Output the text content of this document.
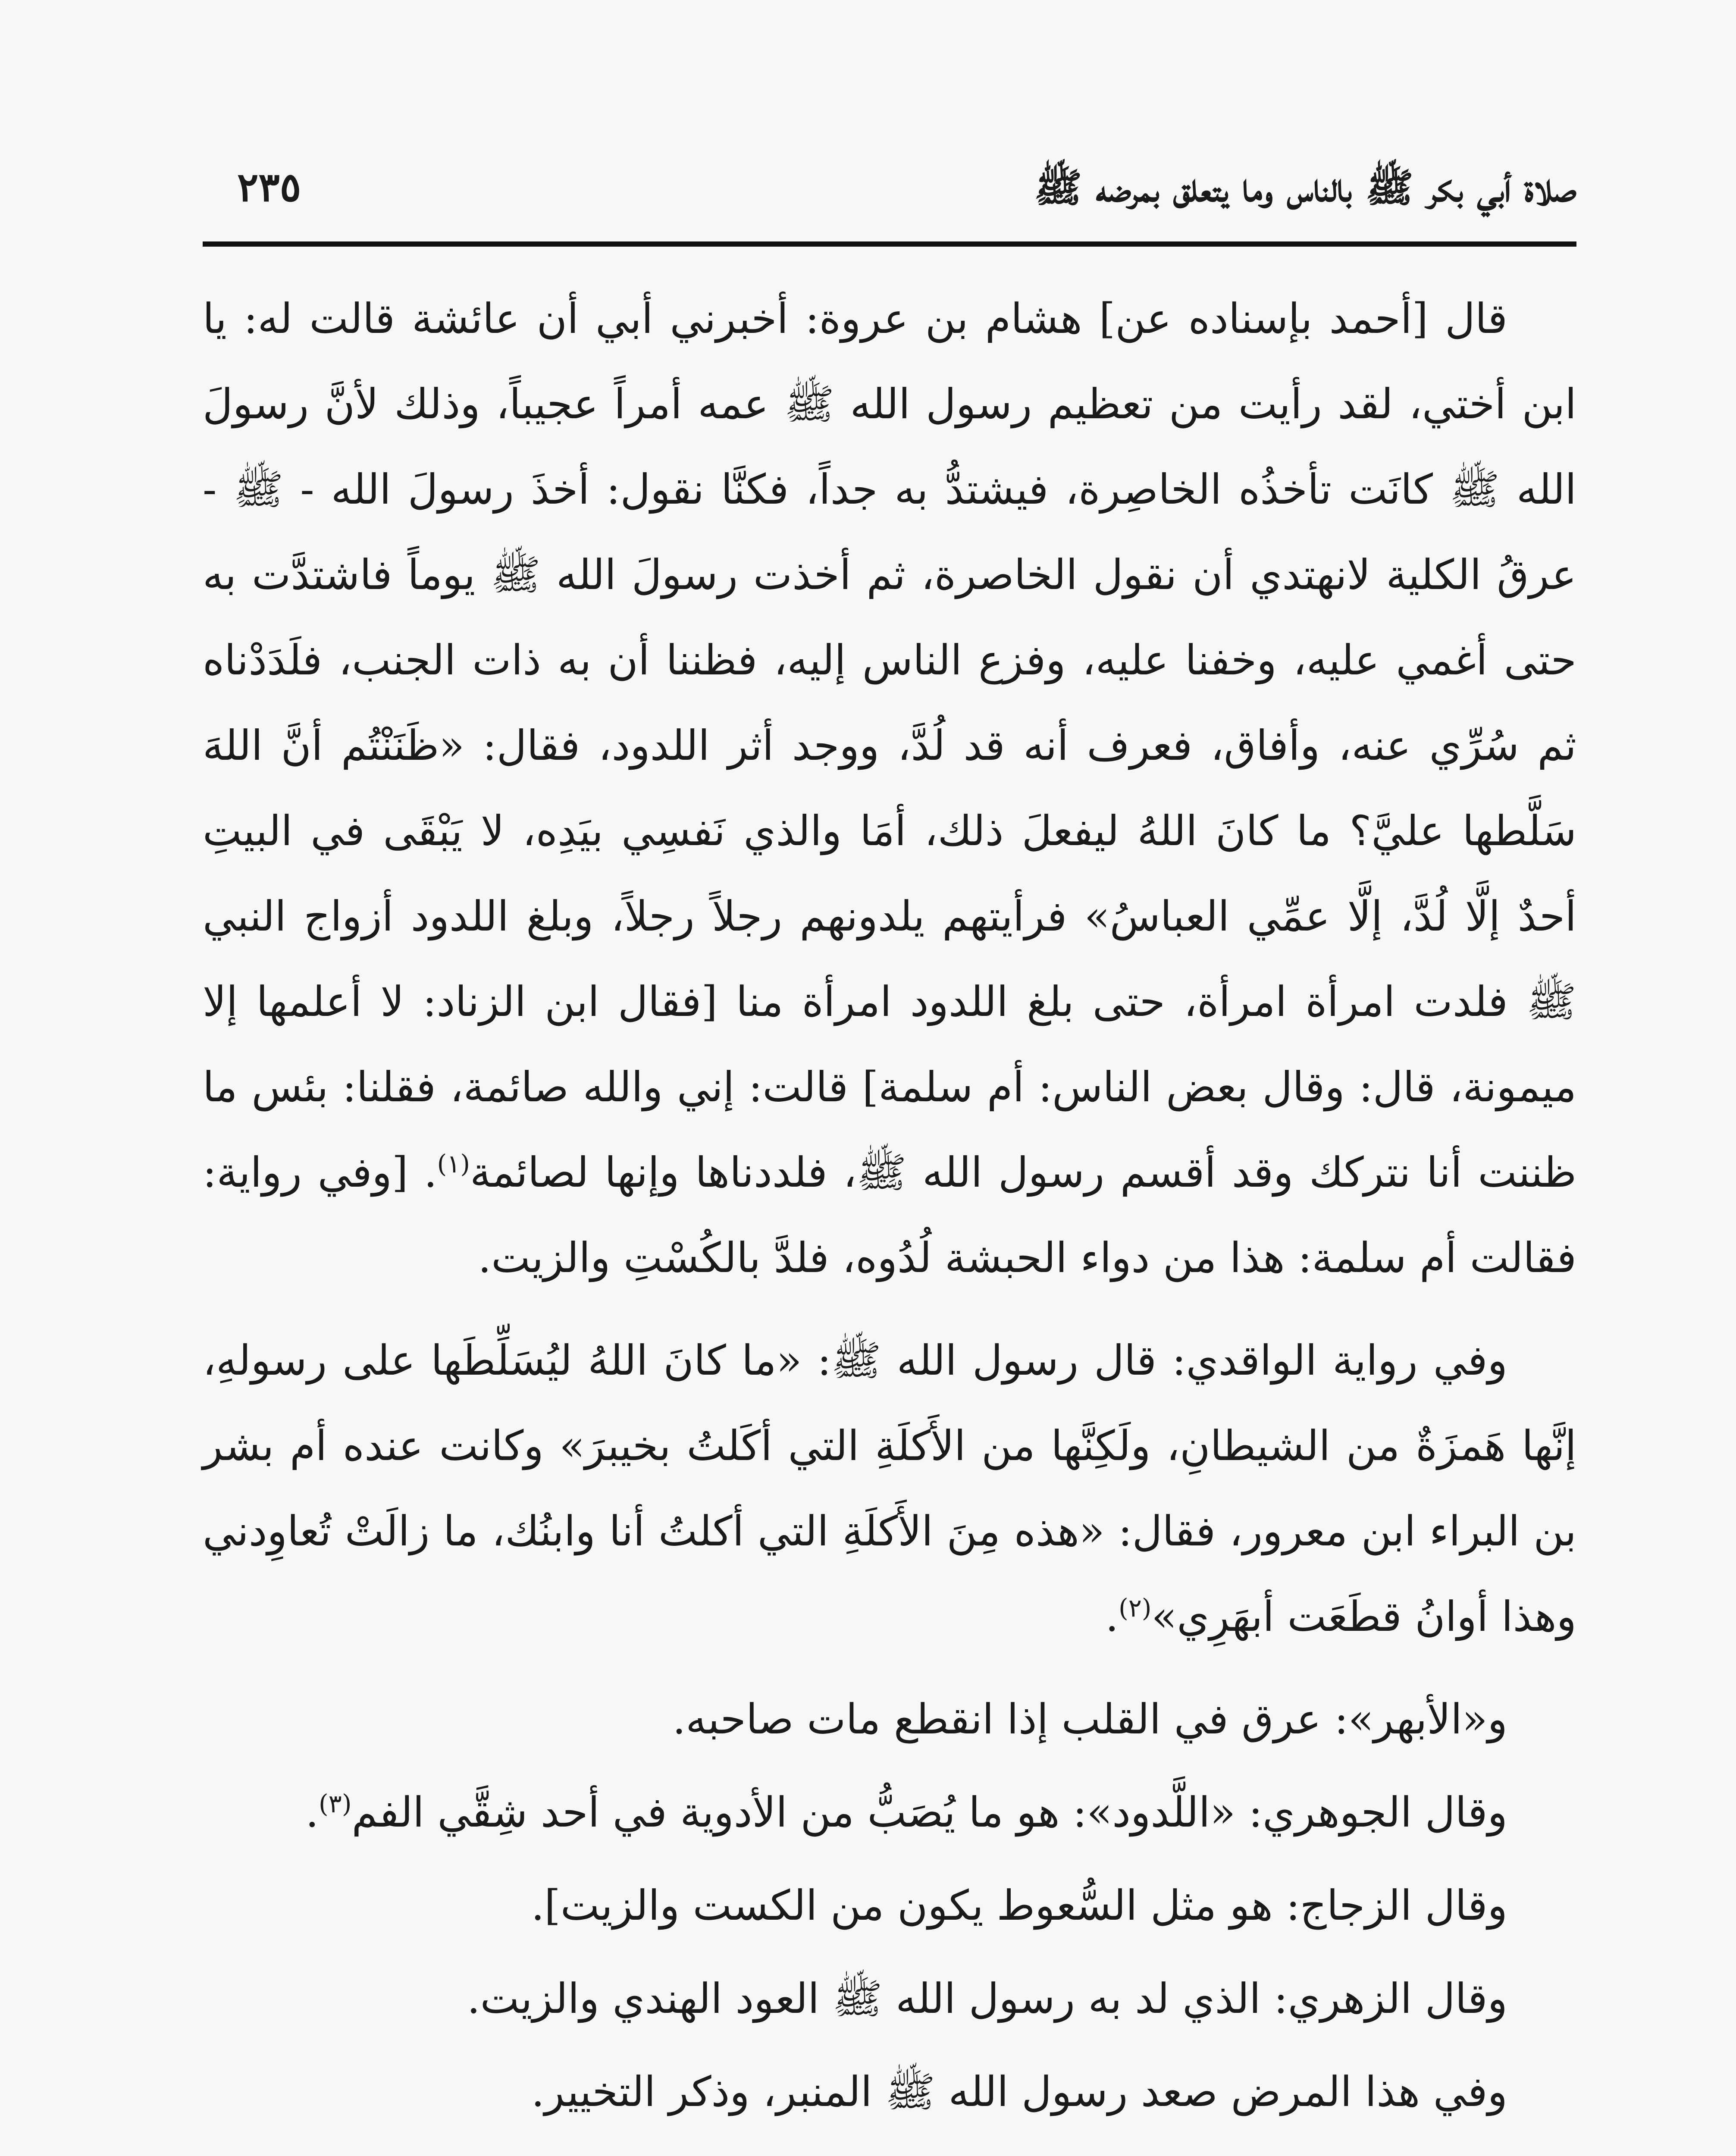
صلاة أبي بكر ﷺ بالناس وما يتعلق بمرضه ﷺ
٢٣٥

قال [أحمد بإسناده عن] هشام بن عروة: أخبرني أبي أن عائشة قالت له: يا ابن أختي، لقد رأيت من تعظيم رسول الله ﷺ عمه أمراً عجيباً، وذلك لأنَّ رسولَ الله ﷺ كانَت تأخذُه الخاصِرة، فيشتدُّ به جداً، فكنَّا نقول: أخذَ رسولَ الله - ﷺ - عرقُ الكلية لانهتدي أن نقول الخاصرة، ثم أخذت رسولَ الله ﷺ يوماً فاشتدَّت به حتى أغمي عليه، وخفنا عليه، وفزع الناس إليه، فظننا أن به ذات الجنب، فلَدَدْناه ثم سُرِّي عنه، وأفاق، فعرف أنه قد لُدَّ، ووجد أثر اللدود، فقال: «ظَنَنْتُم أنَّ اللهَ سَلَّطها عليَّ؟ ما كانَ اللهُ ليفعلَ ذلك، أمَا والذي نَفسِي بيَدِه، لا يَبْقَى في البيتِ أحدٌ إلَّا لُدَّ، إلَّا عمِّي العباسُ» فرأيتهم يلدونهم رجلاً رجلاً، وبلغ اللدود أزواج النبي ﷺ فلدت امرأة امرأة، حتى بلغ اللدود امرأة منا [فقال ابن الزناد: لا أعلمها إلا ميمونة، قال: وقال بعض الناس: أم سلمة] قالت: إني والله صائمة، فقلنا: بئس ما ظننت أنا نتركك وقد أقسم رسول الله ﷺ، فلددناها وإنها لصائمة( $^١$ ). [وفي رواية: فقالت أم سلمة: هذا من دواء الحبشة لُدُوه، فلدَّ بالكُسْتِ والزيت.

وفي رواية الواقدي: قال رسول الله ﷺ: «ما كانَ اللهُ ليُسَلِّطَها على رسولهِ، إنَّها هَمزَةٌ من الشيطانِ، ولَكِنَّها من الأَكلَةِ التي أكَلتُ بخيبرَ» وكانت عنده أم بشر بن البراء ابن معرور، فقال: «هذه مِنَ الأَكلَةِ التي أكلتُ أنا وابنُك، ما زالَتْ تُعاوِدني وهذا أوانُ قطَعَت أبهَرِي»( $^٢$ ).

و«الأبهر»: عرق في القلب إذا انقطع مات صاحبه.

وقال الجوهري: «اللَّدود»: هو ما يُصَبُّ من الأدوية في أحد شِقَّي الفم( $^٣$ ).

وقال الزجاج: هو مثل السُّعوط يكون من الكست والزيت].

وقال الزهري: الذي لد به رسول الله ﷺ العود الهندي والزيت.

وفي هذا المرض صعد رسول الله ﷺ المنبر، وذكر التخيير.
